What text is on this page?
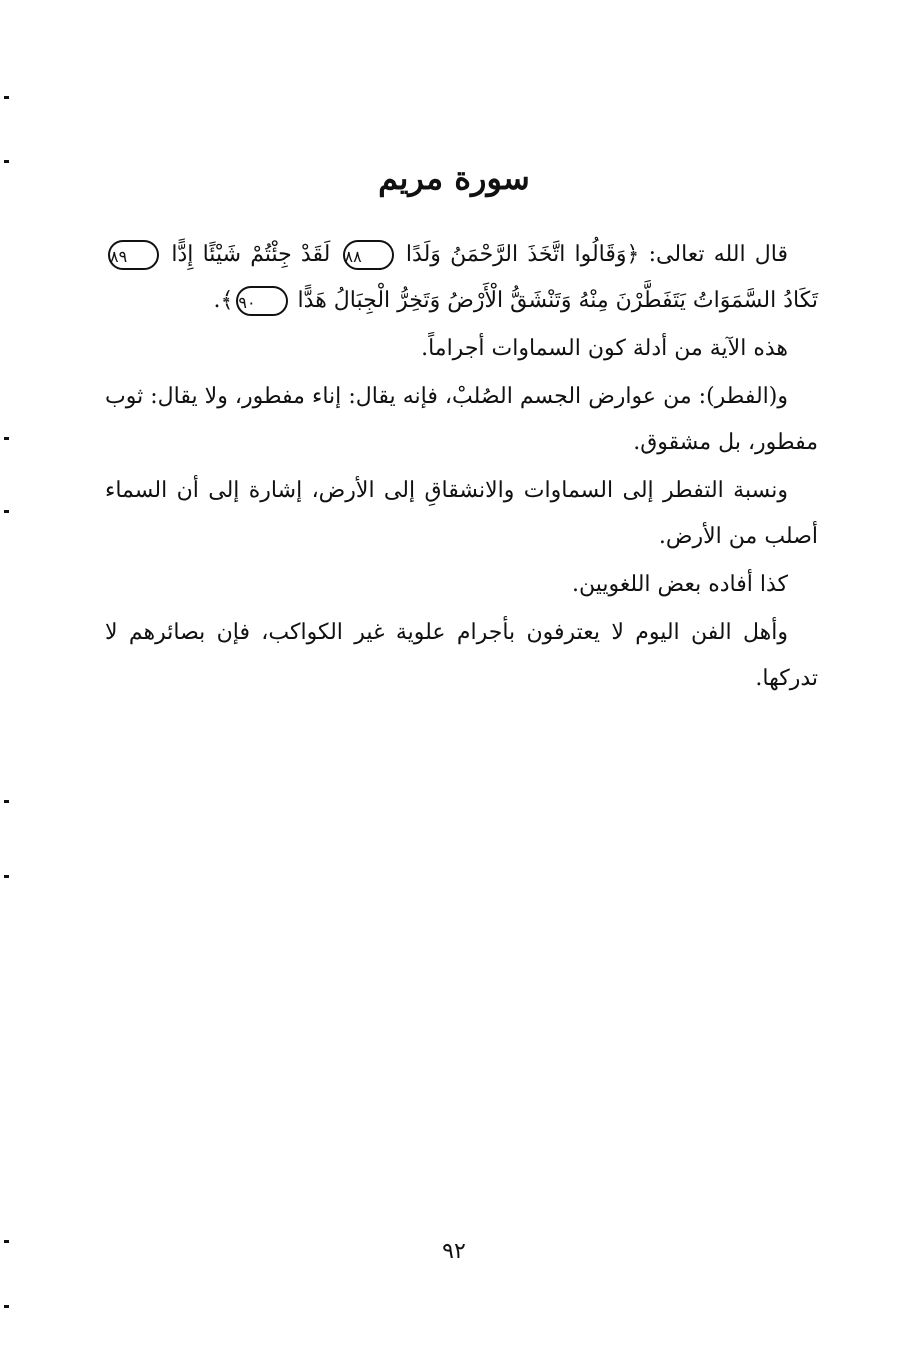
سورة مريم

قال الله تعالى: ﴿وَقَالُوا اتَّخَذَ الرَّحْمَنُ وَلَدًا ٨٨ لَقَدْ جِئْتُمْ شَيْئًا إِدًّا ٨٩ تَكَادُ السَّمَوَاتُ يَتَفَطَّرْنَ مِنْهُ وَتَنْشَقُّ الْأَرْضُ وَتَخِرُّ الْجِبَالُ هَدًّا ٩٠﴾.

هذه الآية من أدلة كون السماوات أجراماً.

و(الفطر): من عوارض الجسم الصُلبْ، فإنه يقال: إناء مفطور، ولا يقال: ثوب مفطور، بل مشقوق.

ونسبة التفطر إلى السماوات والانشقاقِ إلى الأرض، إشارة إلى أن السماء أصلب من الأرض.

كذا أفاده بعض اللغويين.

وأهل الفن اليوم لا يعترفون بأجرام علوية غير الكواكب، فإن بصائرهم لا تدركها.

٩٢
